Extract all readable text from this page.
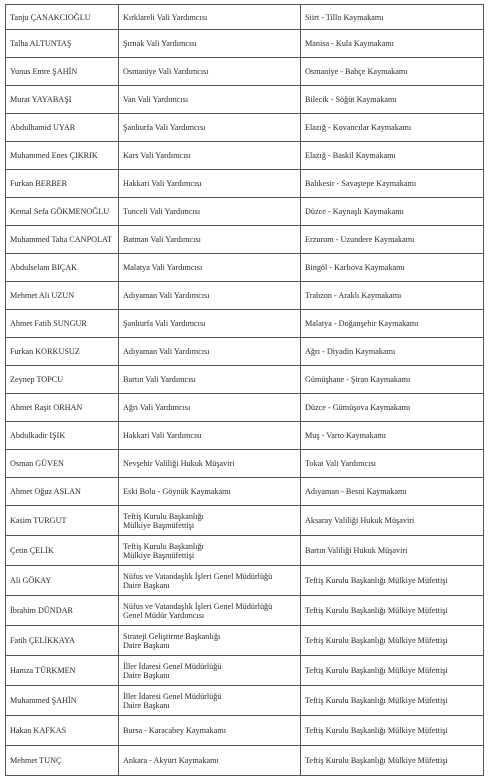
Tanju ÇANAKCIOĞLU	Kırklareli Vali Yardımcısı	Siirt - Tillo Kaymakamı

Talha ALTUNTAŞ	Şırnak Vali Yardımcısı	Manisa - Kula Kaymakamı

Yunus Emre ŞAHİN	Osmaniye Vali Yardımcısı	Osmaniye - Bahçe Kaymakamı

Murat YAYABAŞI	Van Vali Yardımcısı	Bilecik - Söğüt Kaymakamı

Abdulhamid UYAR	Şanlıurfa Vali Yardımcısı	Elazığ - Kovancılar Kaymakamı

Muhammed Enes ÇIKRIK	Kars Vali Yardımcısı	Elazığ - Baskil Kaymakamı

Furkan BERBER	Hakkari Vali Yardımcısı	Balıkesir - Savaştepe Kaymakamı

Kemal Sefa GÖKMENOĞLU	Tunceli Vali Yardımcısı	Düzce - Kaynaşlı Kaymakamı

Muhammed Taha CANPOLAT	Batman Vali Yardımcısı	Erzurum - Uzundere Kaymakamı

Abdulselam BIÇAK	Malatya Vali Yardımcısı	Bingöl - Karlıova Kaymakamı

Mehmet Ali UZUN	Adıyaman Vali Yardımcısı	Trabzon - Araklı Kaymakamı

Ahmet Fatih SUNGUR	Şanlıurfa Vali Yardımcısı	Malatya - Doğanşehir Kaymakamı

Furkan KORKUSUZ	Adıyaman Vali Yardımcısı	Ağrı - Diyadin Kaymakamı

Zeynep TOPCU	Bartın Vali Yardımcısı	Gümüşhane - Şiran Kaymakamı

Ahmet Raşit ORHAN	Ağrı Vali Yardımcısı	Düzce - Gümüşova Kaymakamı

Abdulkadir IŞIK	Hakkari Vali Yardımcısı	Muş - Varto Kaymakamı

Osman GÜVEN	Nevşehir Valiliği Hukuk Müşaviri	Tokat Vali Yardımcısı

Ahmet Oğuz ASLAN	Eski Bolu - Göynük Kaymakamı	Adıyaman - Besni Kaymakamı

Kasim TURGUT	Teftiş Kurulu Başkanlığı
Mülkiye Başmüfettişi	Aksaray Valiliği Hukuk Müşaviri

Çetin ÇELİK	Teftiş Kurulu Başkanlığı
Mülkiye Başmüfettişi	Bartın Valiliği Hukuk Müşaviri

Ali GÖKAY	Nüfus ve Vatandaşlık İşleri Genel Müdürlüğü
Daire Başkanı	Teftiş Kurulu Başkanlığı Mülkiye Müfettişi

İbrahim DÜNDAR	Nüfus ve Vatandaşlık İşleri Genel Müdürlüğü
Genel Müdür Yardımcısı	Teftiş Kurulu Başkanlığı Mülkiye Müfettişi

Fatih ÇELİKKAYA	Strateji Geliştirme Başkanlığı
Daire Başkanı	Teftiş Kurulu Başkanlığı Mülkiye Müfettişi

Hamza TÜRKMEN	İller İdaresi Genel Müdürlüğü
Daire Başkanı	Teftiş Kurulu Başkanlığı Mülkiye Müfettişi

Muhammed ŞAHİN	İller İdaresi Genel Müdürlüğü
Daire Başkanı	Teftiş Kurulu Başkanlığı Mülkiye Müfettişi

Hakan KAFKAS	Bursa - Karacabey Kaymakamı	Teftiş Kurulu Başkanlığı Mülkiye Müfettişi

Mehmet TUNÇ	Ankara - Akyurt Kaymakamı	Teftiş Kurulu Başkanlığı Mülkiye Müfettişi
